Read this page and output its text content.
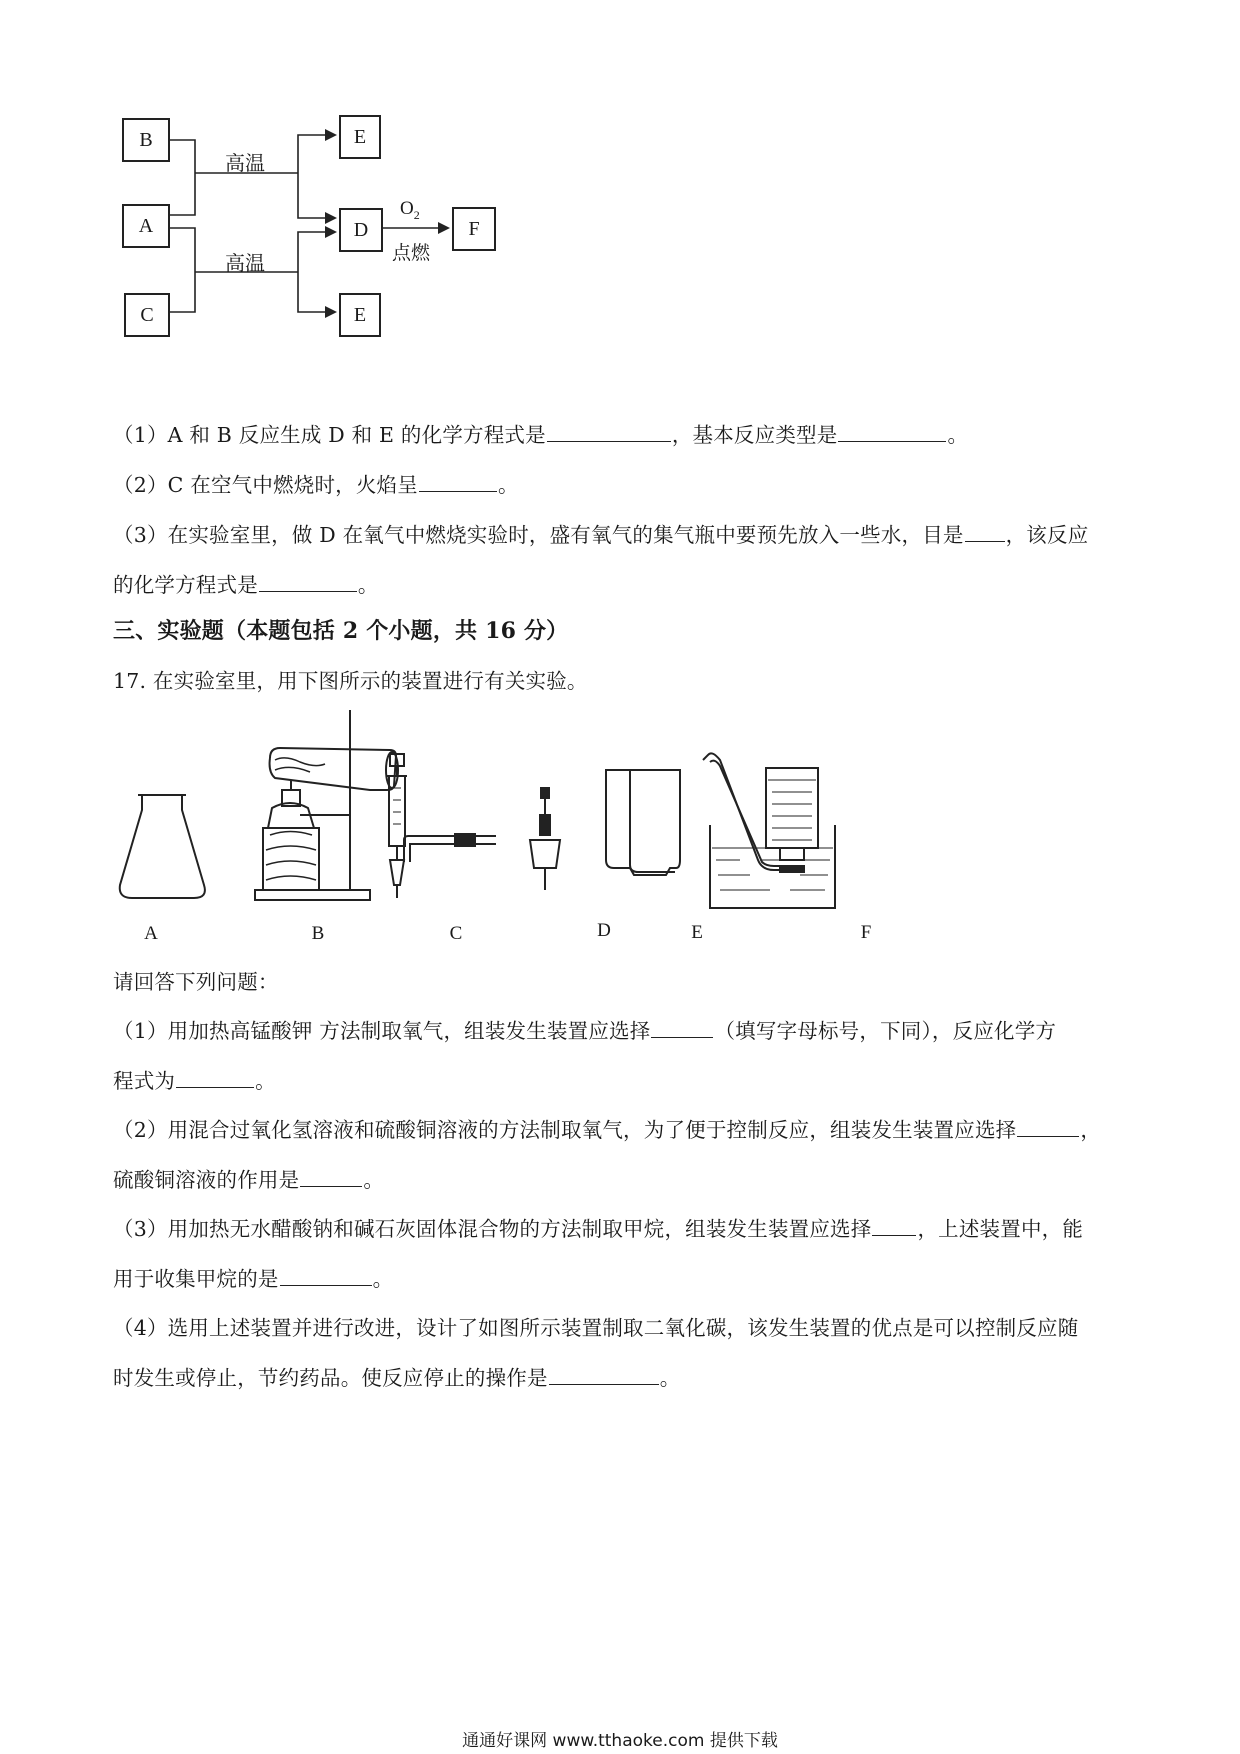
B
A
C
E
D	F
E
高温
高温
$O_2$
点燃
（1）A 和 B 反应生成 D 和 E 的化学方程式是	，基本反应类型是	。
（2）C 在空气中燃烧时，火焰呈	。
（3）在实验室里，做 D 在氧气中燃烧实验时，盛有氧气的集气瓶中要预先放入一些水，目是 ，该反应
的化学方程式是	。
三、实验题（本题包括 2 个小题，共 16 分）
17. 在实验室里，用下图所示的装置进行有关实验。
A	B	C	D	E	F
请回答下列问题：
（1）用加热高锰酸钾 方法制取氧气，组装发生装置应选择	（填写字母标号，下同），反应化学方
程式为	。
（2）用混合过氧化氢溶液和硫酸铜溶液的方法制取氧气，为了便于控制反应，组装发生装置应选择	，
硫酸铜溶液的作用是	。
（3）用加热无水醋酸钠和碱石灰固体混合物的方法制取甲烷，组装发生装置应选择 ，上述装置中，能
用于收集甲烷的是	。
（4）选用上述装置并进行改进，设计了如图所示装置制取二氧化碳，该发生装置的优点是可以控制反应随
时发生或停止，节约药品。使反应停止的操作是	。
通通好课网 www.tthaoke.com 提供下载
